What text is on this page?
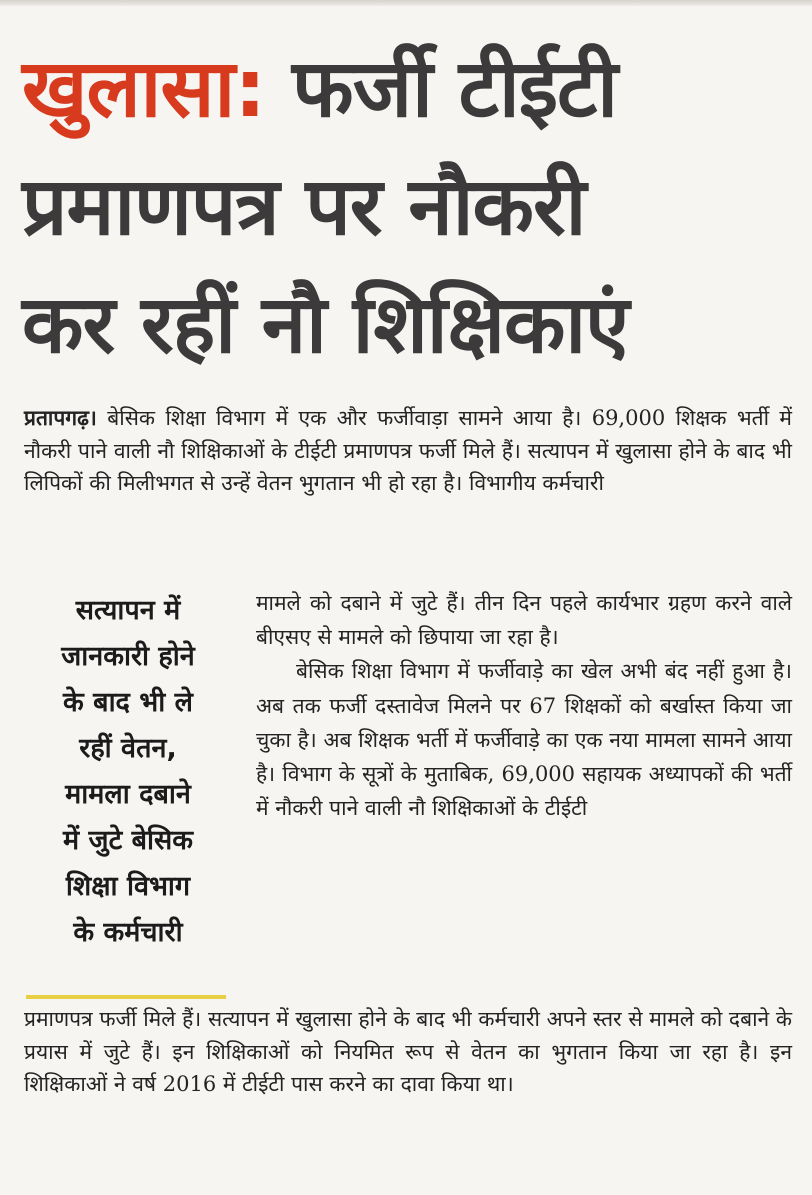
खुलासा: फर्जी टीईटी
प्रमाणपत्र पर नौकरी
कर रहीं नौ शिक्षिकाएं

प्रतापगढ़। बेसिक शिक्षा विभाग में एक और फर्जीवाड़ा सामने आया है। 69,000 शिक्षक भर्ती में नौकरी पाने वाली नौ शिक्षिकाओं के टीईटी प्रमाणपत्र फर्जी मिले हैं। सत्यापन में खुलासा होने के बाद भी लिपिकों की मिलीभगत से उन्हें वेतन भुगतान भी हो रहा है। विभागीय कर्मचारी

सत्यापन में
जानकारी होने
के बाद भी ले
रहीं वेतन,
मामला दबाने
में जुटे बेसिक
शिक्षा विभाग
के कर्मचारी

मामले को दबाने में जुटे हैं। तीन दिन पहले कार्यभार ग्रहण करने वाले बीएसए से मामले को छिपाया जा रहा है।

बेसिक शिक्षा विभाग में फर्जीवाड़े का खेल अभी बंद नहीं हुआ है। अब तक फर्जी दस्तावेज मिलने पर 67 शिक्षकों को बर्खास्त किया जा चुका है। अब शिक्षक भर्ती में फर्जीवाड़े का एक नया मामला सामने आया है। विभाग के सूत्रों के मुताबिक, 69,000 सहायक अध्यापकों की भर्ती में नौकरी पाने वाली नौ शिक्षिकाओं के टीईटी

प्रमाणपत्र फर्जी मिले हैं। सत्यापन में खुलासा होने के बाद भी कर्मचारी अपने स्तर से मामले को दबाने के प्रयास में जुटे हैं। इन शिक्षिकाओं को नियमित रूप से वेतन का भुगतान किया जा रहा है। इन शिक्षिकाओं ने वर्ष 2016 में टीईटी पास करने का दावा किया था।
